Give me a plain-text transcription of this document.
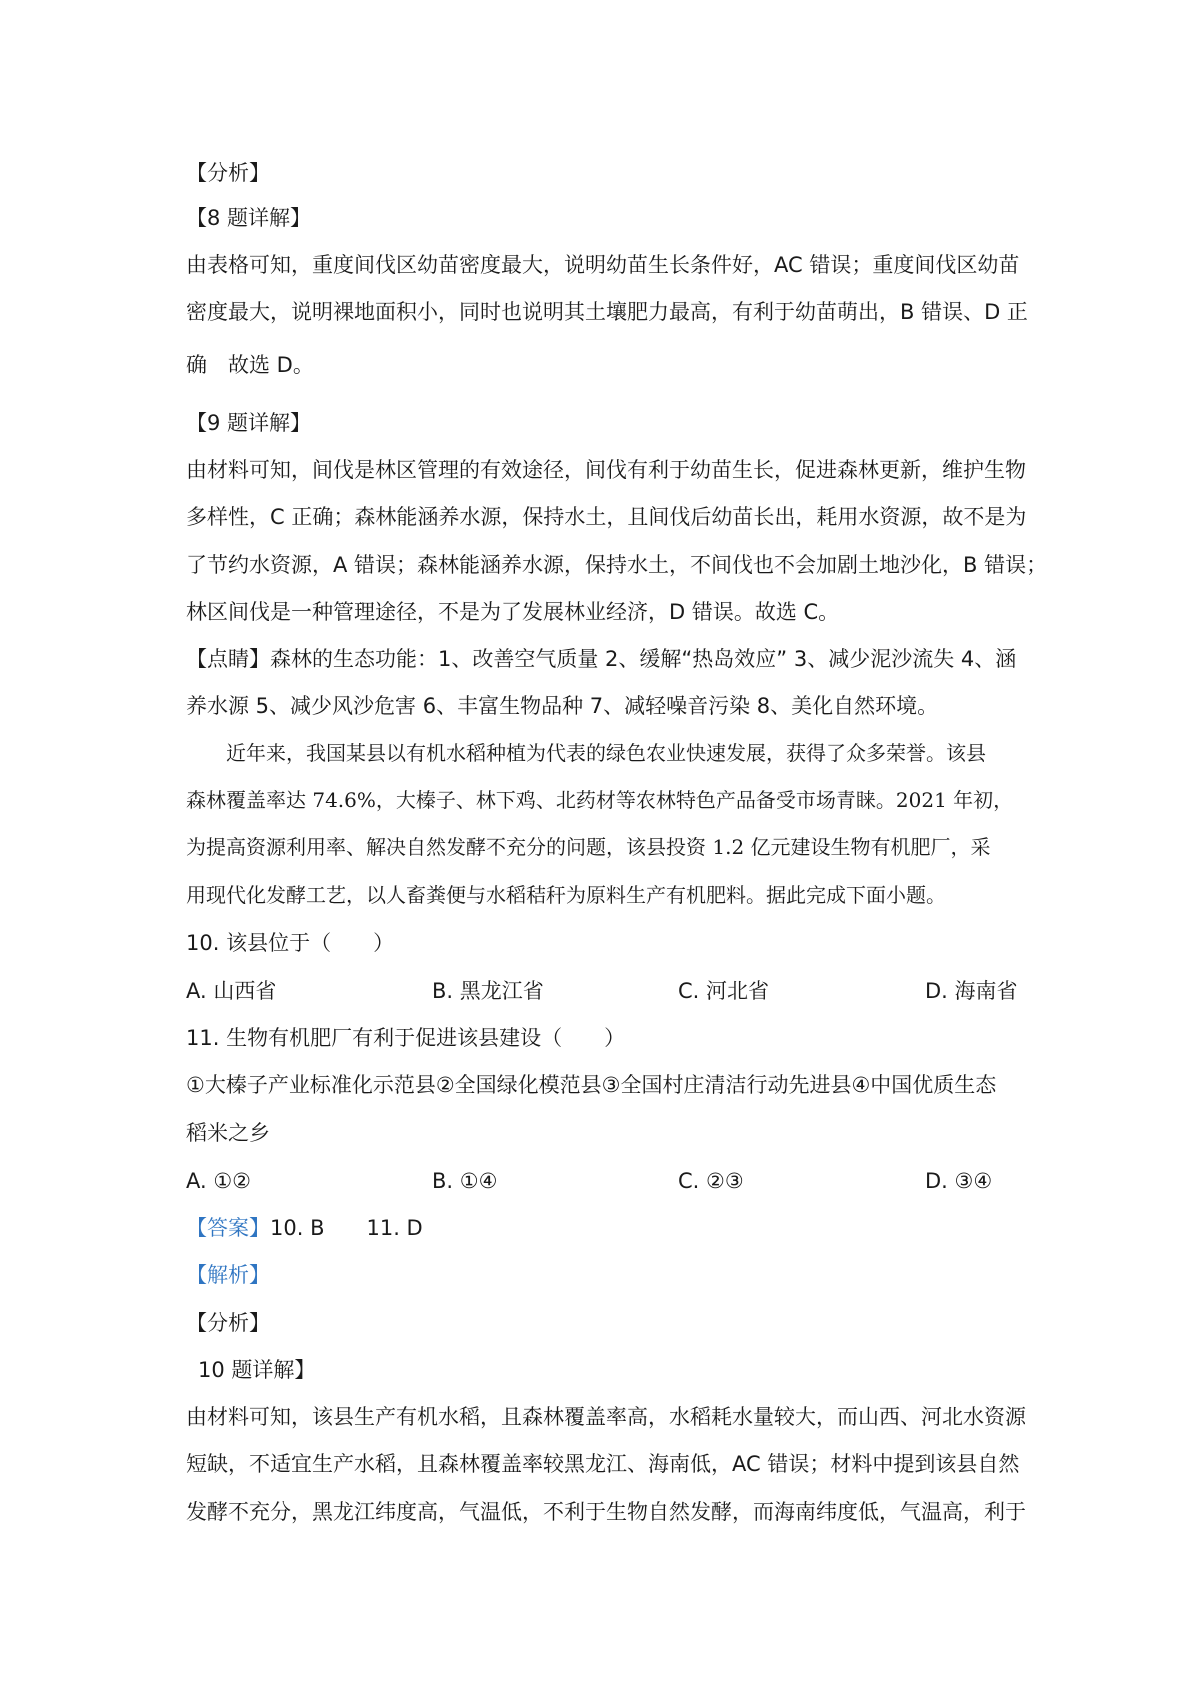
【分析】
【8 题详解】
由表格可知，重度间伐区幼苗密度最大，说明幼苗生长条件好，AC 错误；重度间伐区幼苗
密度最大，说明裸地面积小，同时也说明其土壤肥力最高，有利于幼苗萌出，B 错误、D 正
确　故选 D。
【9 题详解】
由材料可知，间伐是林区管理的有效途径，间伐有利于幼苗生长，促进森林更新，维护生物
多样性，C 正确；森林能涵养水源，保持水土，且间伐后幼苗长出，耗用水资源，故不是为
了节约水资源，A 错误；森林能涵养水源，保持水土，不间伐也不会加剧土地沙化，B 错误；
林区间伐是一种管理途径，不是为了发展林业经济，D 错误。故选 C。
【点睛】森林的生态功能：1、改善空气质量 2、缓解“热岛效应” 3、减少泥沙流失 4、涵
养水源 5、减少风沙危害 6、丰富生物品种 7、减轻噪音污染 8、美化自然环境。
近年来，我国某县以有机水稻种植为代表的绿色农业快速发展，获得了众多荣誉。该县
森林覆盖率达 74.6%，大榛子、林下鸡、北药材等农林特色产品备受市场青睐。2021 年初，
为提高资源利用率、解决自然发酵不充分的问题，该县投资 1.2 亿元建设生物有机肥厂，采
用现代化发酵工艺，以人畜粪便与水稻秸秆为原料生产有机肥料。据此完成下面小题。
10. 该县位于（　　）
A. 山西省	B. 黑龙江省	C. 河北省	D. 海南省
11. 生物有机肥厂有利于促进该县建设（　　）
①大榛子产业标准化示范县②全国绿化模范县③全国村庄清洁行动先进县④中国优质生态
稻米之乡
A. ①②	B. ①④	C. ②③	D. ③④
【答案】10. B　　11. D
【解析】
【分析】
10 题详解】
由材料可知，该县生产有机水稻，且森林覆盖率高，水稻耗水量较大，而山西、河北水资源
短缺，不适宜生产水稻，且森林覆盖率较黑龙江、海南低，AC 错误；材料中提到该县自然
发酵不充分，黑龙江纬度高，气温低，不利于生物自然发酵，而海南纬度低，气温高，利于
